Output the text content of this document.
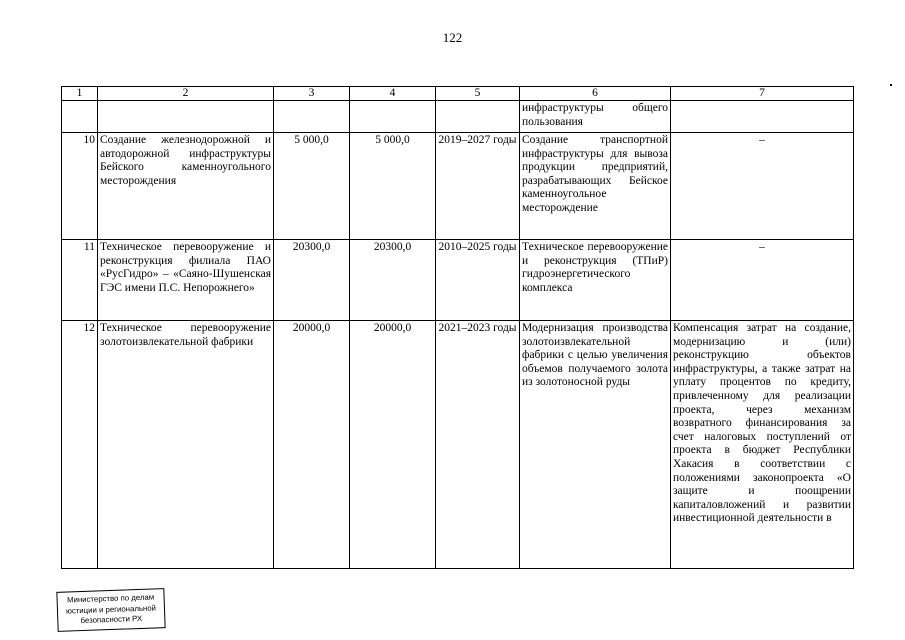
122
1	2	3	4	5	6	7
					инфраструктуры общего пользования	
10	Создание железнодорожной и автодорожной инфраструктуры Бейского каменноугольного месторождения	5 000,0	5 000,0	2019–2027 годы	Создание транспортной инфраструктуры для вывоза продукции предприятий, разрабатывающих Бейское каменноугольное месторождение	–
11	Техническое перевооружение и реконструкция филиала ПАО «РусГидро» – «Саяно-Шушенская ГЭС имени П.С. Непорожнего»	20300,0	20300,0	2010–2025 годы	Техническое перевооружение и реконструкция (ТПиР) гидроэнергетического комплекса	–
12	Техническое перевооружение золотоизвлекательной фабрики	20000,0	20000,0	2021–2023 годы	Модернизация производства золотоизвлекательной фабрики с целью увеличения объемов получаемого золота из золотоносной руды	Компенсация затрат на создание, модернизацию и (или) реконструкцию объектов инфраструктуры, а также затрат на уплату процентов по кредиту, привлеченному для реализации проекта, через механизм возвратного финансирования за счет налоговых поступлений от проекта в бюджет Республики Хакасия в соответствии с положениями законопроекта «О защите и поощрении капиталовложений и развитии инвестиционной деятельности в
Министерство по делам
юстиции и региональной
безопасности РХ
